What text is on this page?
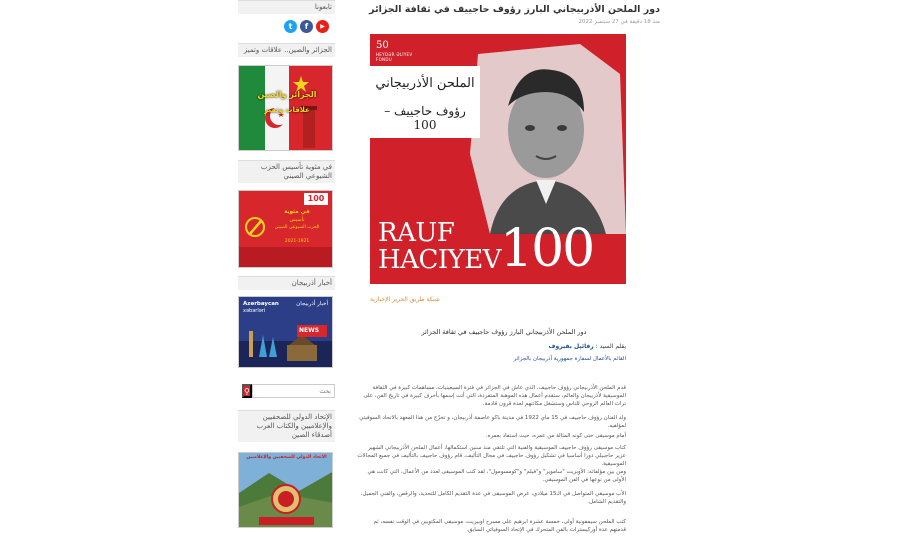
تابعونا
t	f	▶
الجزائر والصين.. علاقات وتميز
الجزائر والصين
علاقات وتميز
في مئوية تأسيس الحزب الشيوعي الصيني
100
في مئوية
تأسيس
الحزب الشيوعي الصيني
2021-1921
أخبار أذربيجان
Azərbaycan
xəbərləri
أخبار أذربيجان
NEWS
⚲
بحث
الإتحاد الدولي للصحفيين والإعلاميين والكتاب العرب أصدقاء الصين
الاتحاد الدولي للصحفيين والإعلاميين
دور الملحن الأذربيجاني البارز رؤوف حاجييف في ثقافة الجزائر
منذ 18 دقيقة في 27 سبتمبر 2022
50
HEYDƏR ƏLİYEV
FONDU
الملحن الأذربيجاني
رؤوف حاجييف – 100
RAUF
HACIYEV
100
شبكة طريق الحرير الإخبارية
دور الملحن الأذربيجاني البارز رؤوف حاجييف في ثقافة الجزائر
بقلم السيد : رفائيل بفيروف
القائم بالأعمال لسفارة جمهورية أذربيجان بالجزائر

قدم الملحن الأذربيجاني رؤوف حاجييف، الذي عاش في الجزائر في فترة السبعينيات، مساهمات كبيرة في الثقافة الموسيقية لأذربيجان والعالم، ستقدم أعمال هذه الموهبة المتفردة، التي أتت إسمها بأحرف كبيرة في تاريخ الفن، على تراث العالم الروحي للناس وستشغل مكانتهم لعدة قرون قادمة.

ولد الفنان رؤوف حاجييف في 15 ماي 1922 في مدينة باكو عاصمة أذربيجان، و تخرّج من هذا المعهد بالاتحاد السوفيتي لمؤلفيه.

أمام موسيقى حتى كونه المثالة من عمره، حيث استفاد بعمره.

كتاب موسيقى رؤوف حاجييف الموسيقية والفنية التي تلتقي منذ سنين استكمالها، أعمال الملحن الأذربيجاني الشهير عزير حاجبيلي دورا أساسيا في تشكيل رؤوف حاجييف في مجال التأليف، قام رؤوف حاجييف بالتأليف في جميع المجالات الموسيقية.

ومن بين مؤلفاته: الأوبريت "ساموير" و"فيلم" و"كومسومول"، لقد كتب الموسيقى لعدد من الأعمال، التي كانت هي الأولى من نوعها في الفن الموسيقي.

الأب موسيقي المتواصل في الـ15 ميلادي، عرض الموسيقى في عدة التقديم الكامل للتحديد، والرقص، والفني الجميل، والتقديم الشامل.

كتب الملحن سيمفونية أولى، خمسة عشرة ابرهيم على مسرح اوبيريت، موسيقى المكتوبين في الوقت نفسه، ثم قدمتهم عدة أوركيسترات بالفن المتحرك في الإتحاد السوفياتي السابق.
